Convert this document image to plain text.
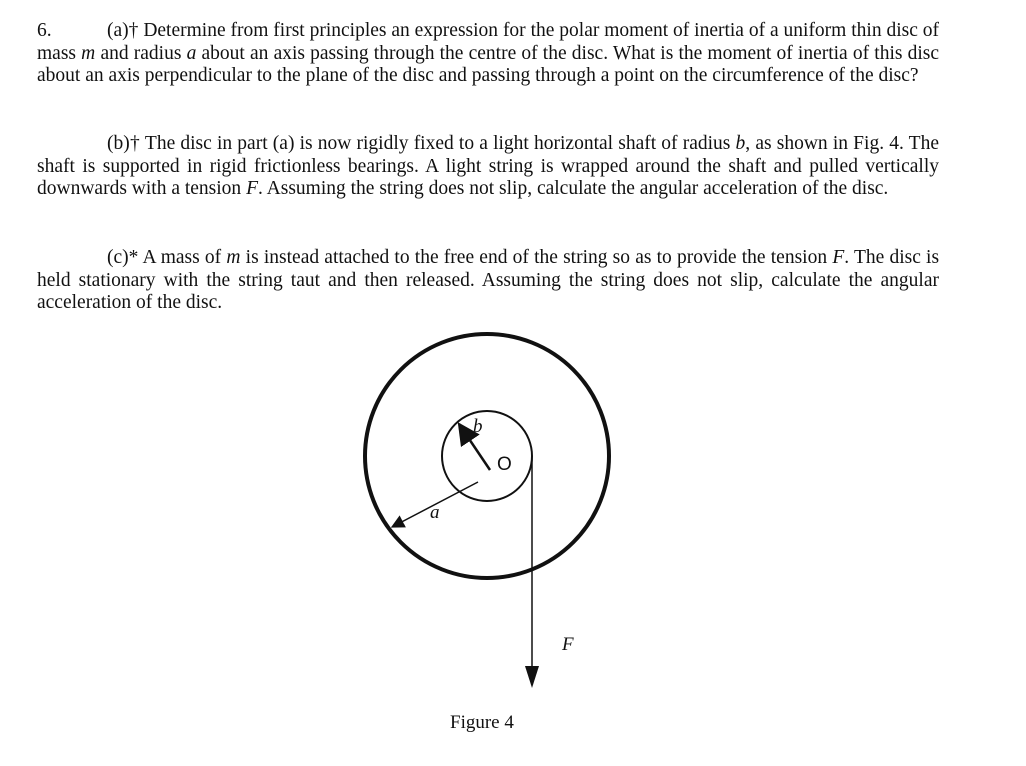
6.	(a)† Determine from first principles an expression for the polar moment of inertia of a uniform thin disc of mass m and radius a about an axis passing through the centre of the disc. What is the moment of inertia of this disc about an axis perpendicular to the plane of the disc and passing through a point on the circumference of the disc?

(b)† The disc in part (a) is now rigidly fixed to a light horizontal shaft of radius b, as shown in Fig. 4. The shaft is supported in rigid frictionless bearings. A light string is wrapped around the shaft and pulled vertically downwards with a tension F. Assuming the string does not slip, calculate the angular acceleration of the disc.

(c)* A mass of m is instead attached to the free end of the string so as to provide the tension F. The disc is held stationary with the string taut and then released. Assuming the string does not slip, calculate the angular acceleration of the disc.

b
O
a
F
Figure 4
